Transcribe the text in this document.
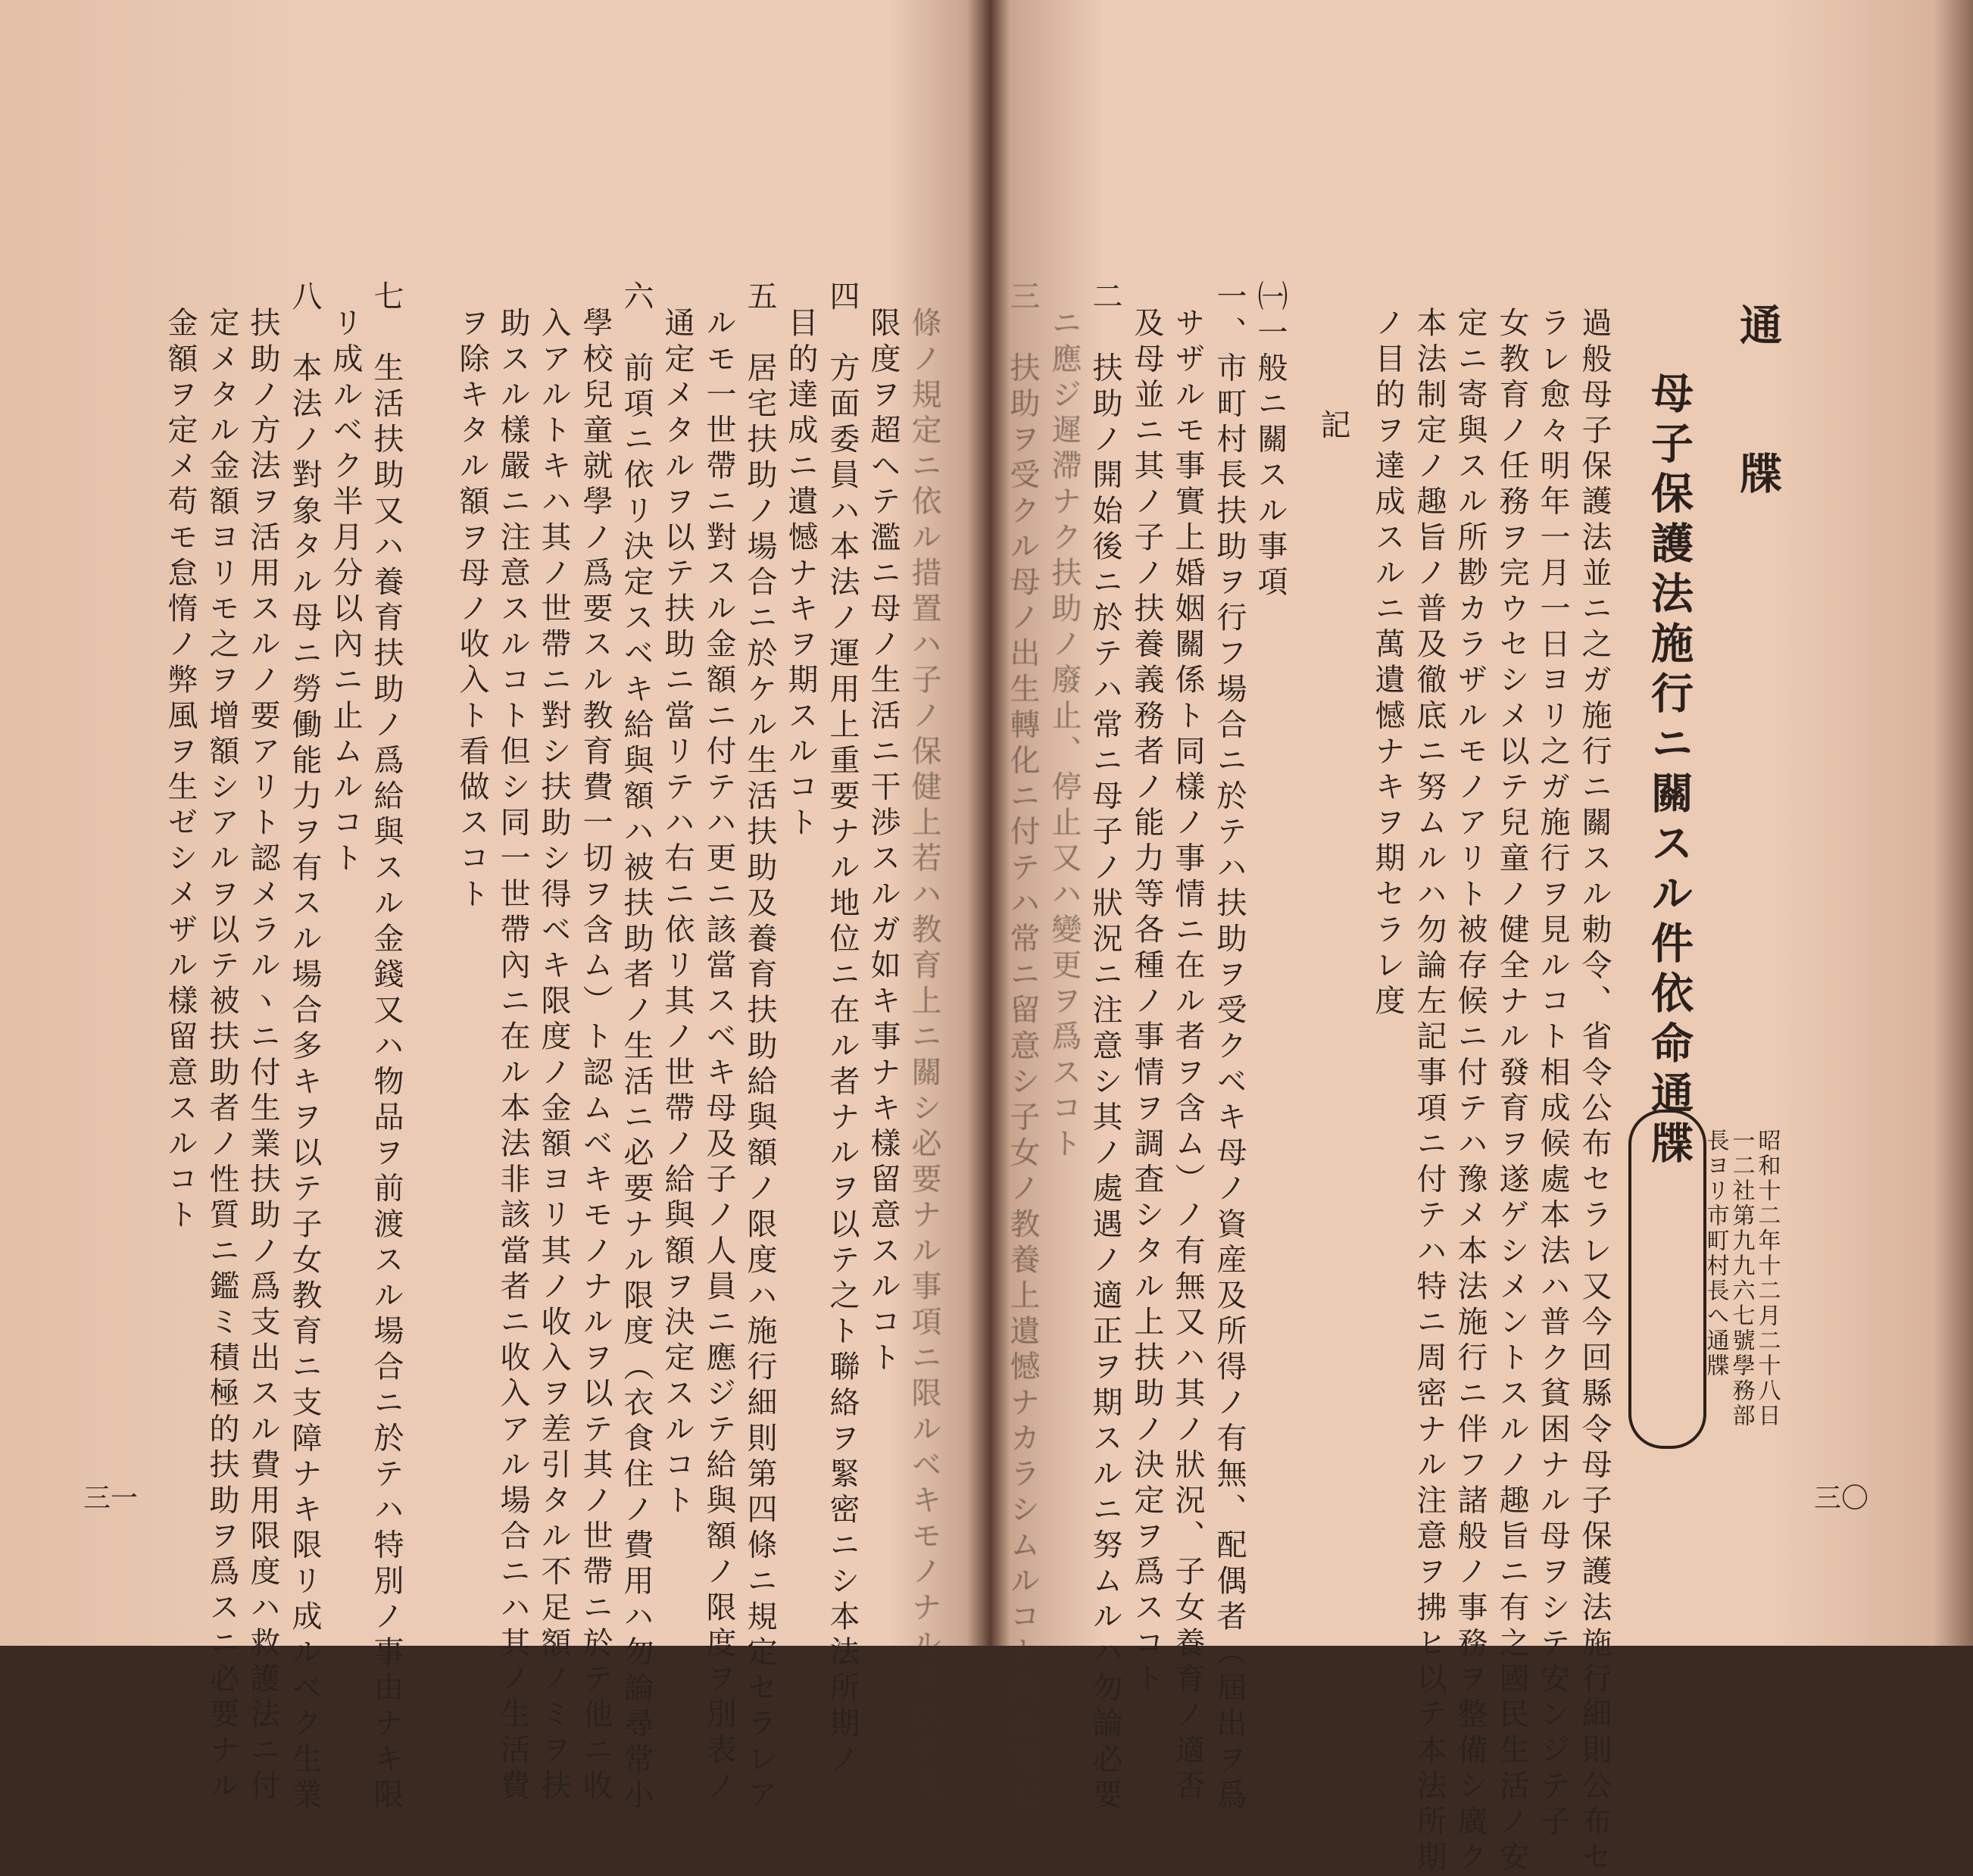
通牒
母子保護法施行ニ關スル件依命通牒
昭和十二年十二月二十八日
一二社第九九六七號學務部
長ヨリ市町村長へ通牒
過般母子保護法並ニ之ガ施行ニ關スル勅令、省令公布セラレ又今回縣令母子保護法施行細則公布セ
ラレ愈々明年一月一日ヨリ之ガ施行ヲ見ルコト相成候處本法ハ普ク貧困ナル母ヲシテ安ンジテ子
女教育ノ任務ヲ完ウセシメ以テ兒童ノ健全ナル發育ヲ遂ゲシメントスルノ趣旨ニ有之國民生活ノ安
定ニ寄與スル所尠カラザルモノアリト被存候ニ付テハ豫メ本法施行ニ伴フ諸般ノ事務ヲ整備シ廣ク
本法制定ノ趣旨ノ普及徹底ニ努ムルハ勿論左記事項ニ付テハ特ニ周密ナル注意ヲ拂ヒ以テ本法所期
ノ目的ヲ達成スルニ萬遺憾ナキヲ期セラレ度
記
㈠一般ニ關スル事項
一、市町村長扶助ヲ行フ場合ニ於テハ扶助ヲ受クベキ母ノ資産及所得ノ有無、配偶者（屆出ヲ爲
サザルモ事實上婚姻關係ト同樣ノ事情ニ在ル者ヲ含ム）ノ有無又ハ其ノ狀況、子女養育ノ適否
及母並ニ其ノ子ノ扶養義務者ノ能力等各種ノ事情ヲ調査シタル上扶助ノ決定ヲ爲スコト
二　扶助ノ開始後ニ於テハ常ニ母子ノ狀況ニ注意シ其ノ處遇ノ適正ヲ期スルニ努ムルハ勿論必要
ニ應ジ遲滯ナク扶助ノ廢止、停止又ハ變更ヲ爲スコト
三　扶助ヲ受クル母ノ出生轉化ニ付テハ常ニ留意シ子女ノ教養上遺憾ナカラシムルコト尚法第七	三〇
條ノ規定ニ依ル措置ハ子ノ保健上若ハ教育上ニ關シ必要ナル事項ニ限ルベキモノナルヲ以テ其
限度ヲ超ヘテ濫ニ母ノ生活ニ干渉スルガ如キ事ナキ樣留意スルコト
四　方面委員ハ本法ノ運用上重要ナル地位ニ在ル者ナルヲ以テ之ト聯絡ヲ緊密ニシ本法所期ノ
目的達成ニ遺憾ナキヲ期スルコト
五　居宅扶助ノ場合ニ於ケル生活扶助及養育扶助給與額ノ限度ハ施行細則第四條ニ規定セラレア
ルモ一世帶ニ對スル金額ニ付テハ更ニ該當スベキ母及子ノ人員ニ應ジテ給與額ノ限度ヲ別表ノ
通定メタルヲ以テ扶助ニ當リテハ右ニ依リ其ノ世帶ノ給與額ヲ決定スルコト
六　前項ニ依リ決定スベキ給與額ハ被扶助者ノ生活ニ必要ナル限度（衣食住ノ費用ハ勿論尋常小
學校兒童就學ノ爲要スル教育費一切ヲ含ム）ト認ムベキモノナルヲ以テ其ノ世帶ニ於テ他ニ收
入アルトキハ其ノ世帶ニ對シ扶助シ得ベキ限度ノ金額ヨリ其ノ收入ヲ差引タル不足額ノミヲ扶
助スル樣嚴ニ注意スルコト但シ同一世帶內ニ在ル本法非該當者ニ收入アル場合ニハ其ノ生活費
ヲ除キタル額ヲ母ノ收入ト看做スコト
七　生活扶助又ハ養育扶助ノ爲給與スル金錢又ハ物品ヲ前渡スル場合ニ於テハ特別ノ事由ナキ限
リ成ルベク半月分以內ニ止ムルコト
八　本法ノ對象タル母ニ勞働能力ヲ有スル場合多キヲ以テ子女教育ニ支障ナキ限リ成ルベク生業
扶助ノ方法ヲ活用スルノ要アリト認メラルヽニ付生業扶助ノ爲支出スル費用限度ハ救護法ニ付
定メタル金額ヨリモ之ヲ增額シアルヲ以テ被扶助者ノ性質ニ鑑ミ積極的扶助ヲ爲スニ必要ナル
金額ヲ定メ苟モ怠惰ノ弊風ヲ生ゼシメザル樣留意スルコト
三一
